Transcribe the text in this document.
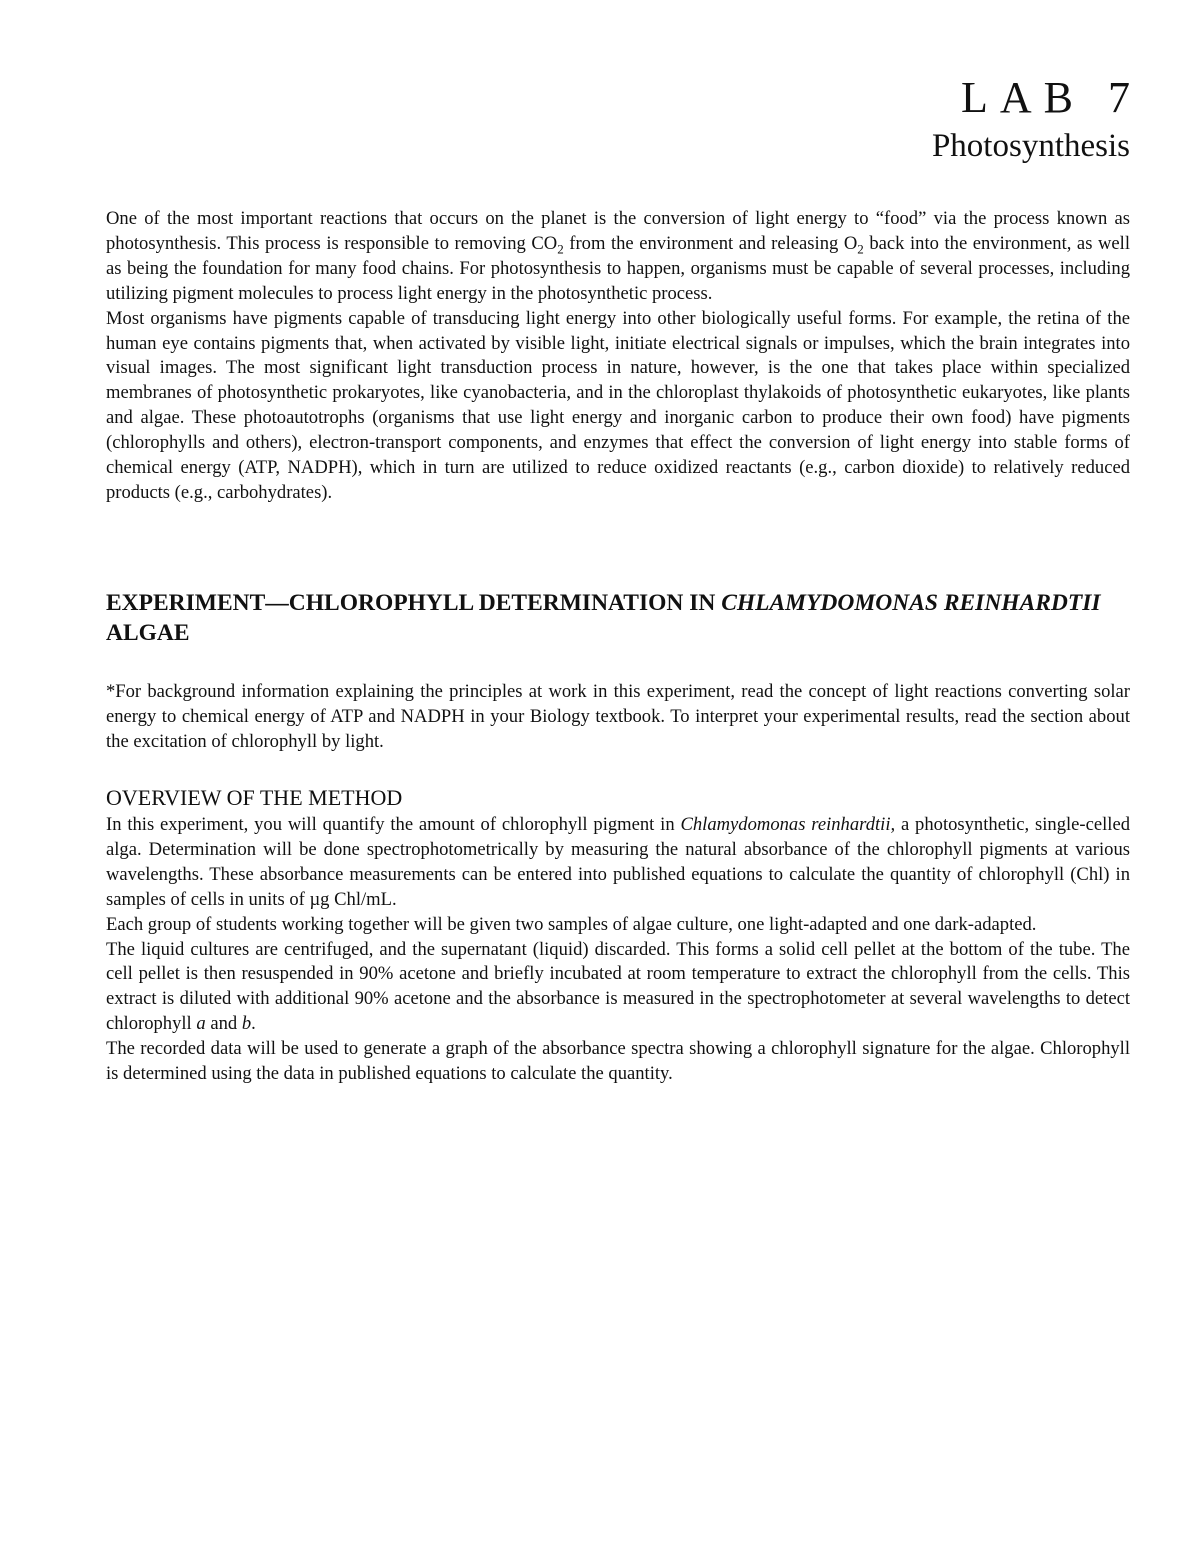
LAB 7
Photosynthesis

One of the most important reactions that occurs on the planet is the conversion of light energy to “food” via the process known as photosynthesis. This process is responsible to removing $CO_2$ from the environment and releasing $O_2$ back into the environment, as well as being the foundation for many food chains. For photosynthesis to happen, organisms must be capable of several processes, including utilizing pigment molecules to process light energy in the photosynthetic process.

Most organisms have pigments capable of transducing light energy into other biologically useful forms. For example, the retina of the human eye contains pigments that, when activated by visible light, initiate electrical signals or impulses, which the brain integrates into visual images. The most significant light transduction process in nature, however, is the one that takes place within specialized membranes of photosynthetic prokaryotes, like cyanobacteria, and in the chloroplast thylakoids of photosynthetic eukaryotes, like plants and algae. These photoautotrophs (organisms that use light energy and inorganic carbon to produce their own food) have pigments (chlorophylls and others), electron-transport components, and enzymes that effect the conversion of light energy into stable forms of chemical energy (ATP, NADPH), which in turn are utilized to reduce oxidized reactants (e.g., carbon dioxide) to relatively reduced products (e.g., carbohydrates).

EXPERIMENT—CHLOROPHYLL DETERMINATION IN CHLAMYDOMONAS REINHARDTII ALGAE

*For background information explaining the principles at work in this experiment, read the concept of light reactions converting solar energy to chemical energy of ATP and NADPH in your Biology textbook. To interpret your experimental results, read the section about the excitation of chlorophyll by light.

OVERVIEW OF THE METHOD

In this experiment, you will quantify the amount of chlorophyll pigment in Chlamydomonas reinhardtii, a photosynthetic, single-celled alga. Determination will be done spectrophotometrically by measuring the natural absorbance of the chlorophyll pigments at various wavelengths. These absorbance measurements can be entered into published equations to calculate the quantity of chlorophyll (Chl) in samples of cells in units of µg Chl/mL.

Each group of students working together will be given two samples of algae culture, one light-adapted and one dark-adapted.

The liquid cultures are centrifuged, and the supernatant (liquid) discarded. This forms a solid cell pellet at the bottom of the tube. The cell pellet is then resuspended in 90% acetone and briefly incubated at room temperature to extract the chlorophyll from the cells. This extract is diluted with additional 90% acetone and the absorbance is measured in the spectrophotometer at several wavelengths to detect chlorophyll a and b.

The recorded data will be used to generate a graph of the absorbance spectra showing a chlorophyll signature for the algae. Chlorophyll is determined using the data in published equations to calculate the quantity.
